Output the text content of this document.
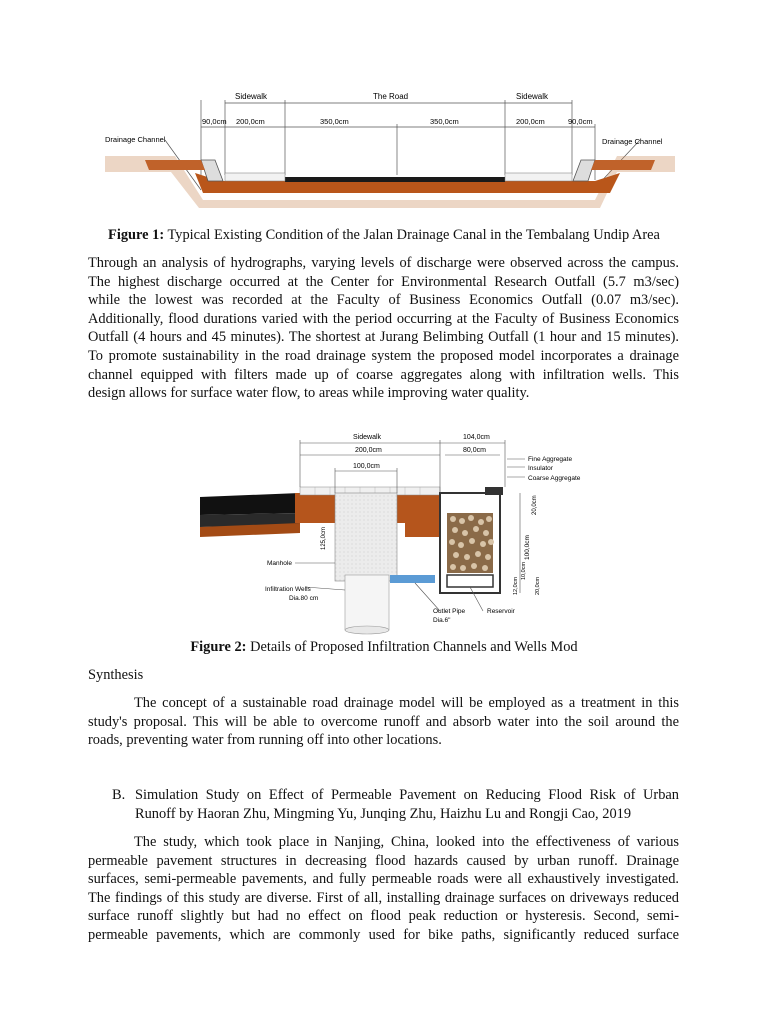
Sidewalk	The Road	Sidewalk
90,0cm 200,0cm	350,0cm	350,0cm	200,0cm	90,0cm
Drainage Channel	Drainage Channel
Figure 1: Typical Existing Condition of the Jalan Drainage Canal in the Tembalang Undip Area
Through an analysis of hydrographs, varying levels of discharge were observed across the campus.
The highest discharge occurred at the Center for Environmental Research Outfall (5.7 m3/sec)
while the lowest was recorded at the Faculty of Business Economics Outfall (0.07 m3/sec).
Additionally, flood durations varied with the period occurring at the Faculty of Business Economics
Outfall (4 hours and 45 minutes). The shortest at Jurang Belimbing Outfall (1 hour and 15 minutes).
To promote sustainability in the road drainage system the proposed model incorporates a drainage
channel equipped with filters made up of coarse aggregates along with infiltration wells. This
design allows for surface water flow, to areas while improving water quality.
Sidewalk	104,0cm
200,0cm	80,0cm
100,0cm
Fine Aggregate
Insulator
Coarse Aggregate
20,0cm
125,0cm	100,0cm
Manhole
Infiltration Wells
Dia.80 cm
10,0cm
20,0cm
12,0cm
Outlet Pipe
Dia.6"
Reservoir
Figure 2: Details of Proposed Infiltration Channels and Wells Mod
Synthesis
The concept of a sustainable road drainage model will be employed as a treatment in this
study's proposal. This will be able to overcome runoff and absorb water into the soil around the
roads, preventing water from running off into other locations.
B. Simulation Study on Effect of Permeable Pavement on Reducing Flood Risk of Urban
Runoff by Haoran Zhu, Mingming Yu, Junqing Zhu, Haizhu Lu and Rongji Cao, 2019
The study, which took place in Nanjing, China, looked into the effectiveness of various
permeable pavement structures in decreasing flood hazards caused by urban runoff. Drainage
surfaces, semi-permeable pavements, and fully permeable roads were all exhaustively investigated.
The findings of this study are diverse. First of all, installing drainage surfaces on driveways reduced
surface runoff slightly but had no effect on flood peak reduction or hysteresis. Second, semi-
permeable pavements, which are commonly used for bike paths, significantly reduced surface
